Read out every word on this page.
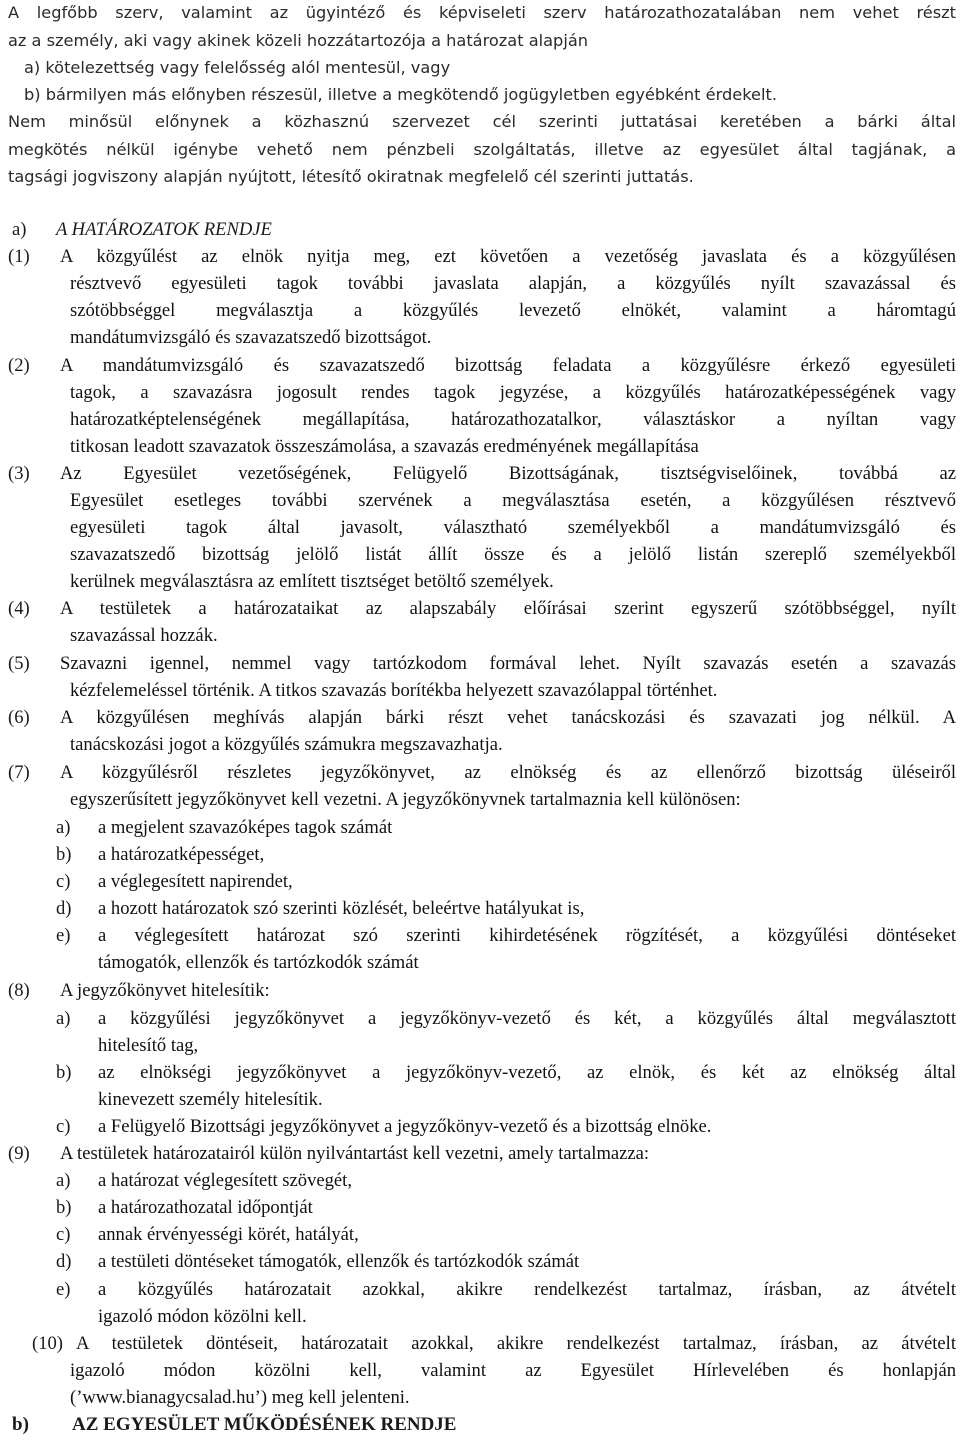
A legfőbb szerv, valamint az ügyintéző és képviseleti szerv határozathozatalában nem vehet részt
az a személy, aki vagy akinek közeli hozzátartozója a határozat alapján
a) kötelezettség vagy felelősség alól mentesül, vagy
b) bármilyen más előnyben részesül, illetve a megkötendő jogügyletben egyébként érdekelt.
Nem minősül előnynek a közhasznú szervezet cél szerinti juttatásai keretében a bárki által
megkötés nélkül igénybe vehető nem pénzbeli szolgáltatás, illetve az egyesület által tagjának, a
tagsági jogviszony alapján nyújtott, létesítő okiratnak megfelelő cél szerinti juttatás.
a) A HATÁROZATOK RENDJE
(1) A közgyűlést az elnök nyitja meg, ezt követően a vezetőség javaslata és a közgyűlésen
résztvevő egyesületi tagok további javaslata alapján, a közgyűlés nyílt szavazással és
szótöbbséggel megválasztja a közgyűlés levezető elnökét, valamint a háromtagú
mandátumvizsgáló és szavazatszedő bizottságot.
(2) A mandátumvizsgáló és szavazatszedő bizottság feladata a közgyűlésre érkező egyesületi
tagok, a szavazásra jogosult rendes tagok jegyzése, a közgyűlés határozatképességének vagy
határozatképtelenségének megállapítása, határozathozatalkor, választáskor a nyíltan vagy
titkosan leadott szavazatok összeszámolása, a szavazás eredményének megállapítása
(3) Az Egyesület vezetőségének, Felügyelő Bizottságának, tisztségviselőinek, továbbá az
Egyesület esetleges további szervének a megválasztása esetén, a közgyűlésen résztvevő
egyesületi tagok által javasolt, választható személyekből a mandátumvizsgáló és
szavazatszedő bizottság jelölő listát állít össze és a jelölő listán szereplő személyekből
kerülnek megválasztásra az említett tisztséget betöltő személyek.
(4) A testületek a határozataikat az alapszabály előírásai szerint egyszerű szótöbbséggel, nyílt
szavazással hozzák.
(5) Szavazni igennel, nemmel vagy tartózkodom formával lehet. Nyílt szavazás esetén a szavazás
kézfelemeléssel történik. A titkos szavazás borítékba helyezett szavazólappal történhet.
(6) A közgyűlésen meghívás alapján bárki részt vehet tanácskozási és szavazati jog nélkül. A
tanácskozási jogot a közgyűlés számukra megszavazhatja.
(7) A közgyűlésről részletes jegyzőkönyvet, az elnökség és az ellenőrző bizottság üléseiről
egyszerűsített jegyzőkönyvet kell vezetni. A jegyzőkönyvnek tartalmaznia kell különösen:
a) a megjelent szavazóképes tagok számát
b) a határozatképességet,
c) a véglegesített napirendet,
d) a hozott határozatok szó szerinti közlését, beleértve hatályukat is,
e) a véglegesített határozat szó szerinti kihirdetésének rögzítését, a közgyűlési döntéseket
támogatók, ellenzők és tartózkodók számát
(8) A jegyzőkönyvet hitelesítik:
a) a közgyűlési jegyzőkönyvet a jegyzőkönyv-vezető és két, a közgyűlés által megválasztott
hitelesítő tag,
b) az elnökségi jegyzőkönyvet a jegyzőkönyv-vezető, az elnök, és két az elnökség által
kinevezett személy hitelesítik.
c) a Felügyelő Bizottsági jegyzőkönyvet a jegyzőkönyv-vezető és a bizottság elnöke.
(9) A testületek határozatairól külön nyilvántartást kell vezetni, amely tartalmazza:
a) a határozat véglegesített szövegét,
b) a határozathozatal időpontját
c) annak érvényességi körét, hatályát,
d) a testületi döntéseket támogatók, ellenzők és tartózkodók számát
e) a közgyűlés határozatait azokkal, akikre rendelkezést tartalmaz, írásban, az átvételt
igazoló módon közölni kell.
(10) A testületek döntéseit, határozatait azokkal, akikre rendelkezést tartalmaz, írásban, az átvételt
igazoló módon közölni kell, valamint az Egyesület Hírlevelében és honlapján
(’www.bianagycsalad.hu’) meg kell jelenteni.
b) AZ EGYESÜLET MŰKÖDÉSÉNEK RENDJE
